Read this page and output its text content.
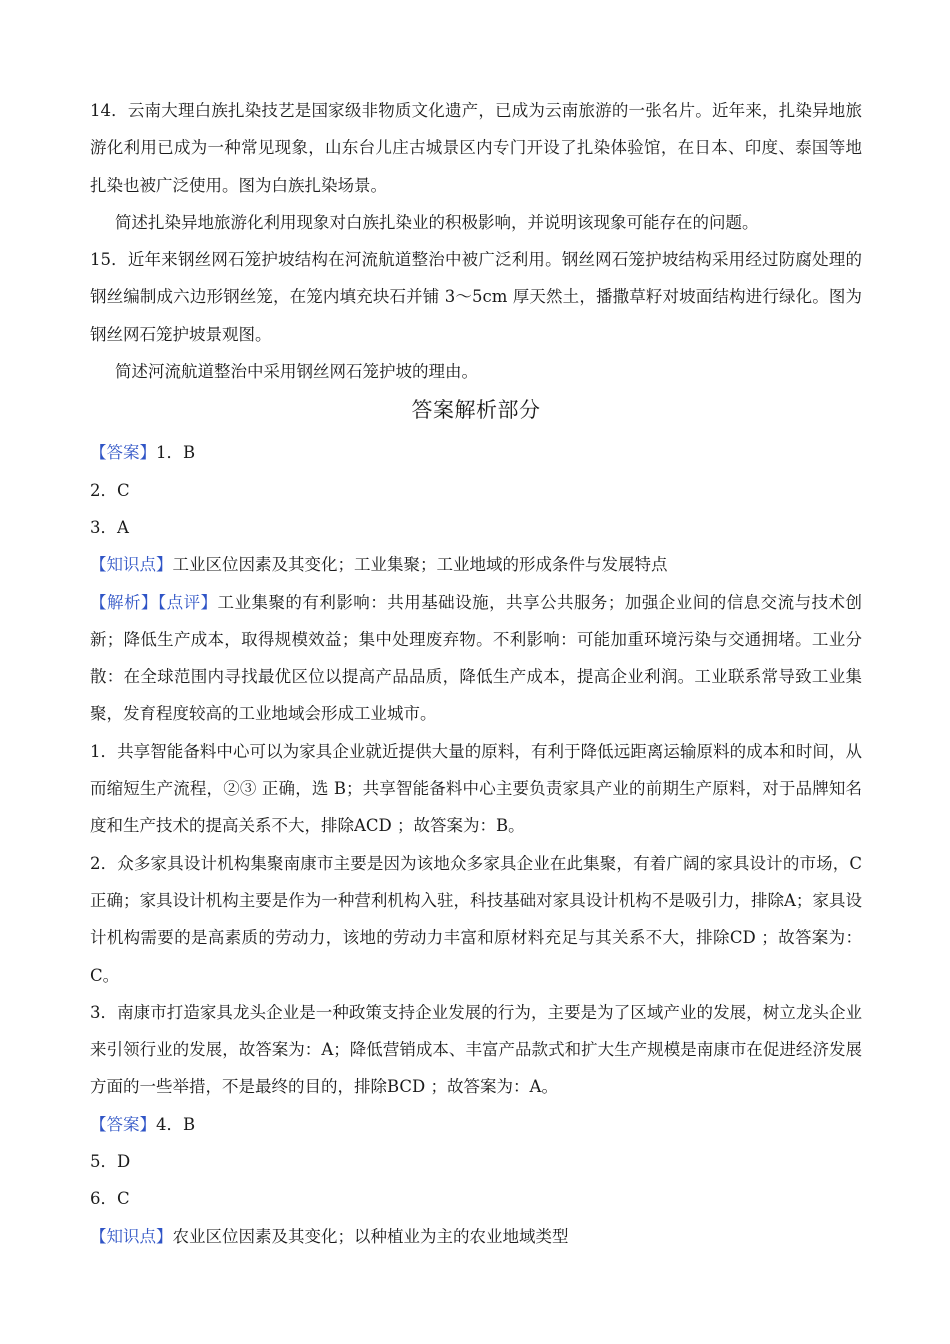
14．云南大理白族扎染技艺是国家级非物质文化遗产，已成为云南旅游的一张名片。近年来，扎染异地旅游化利用已成为一种常见现象，山东台儿庄古城景区内专门开设了扎染体验馆，在日本、印度、泰国等地扎染也被广泛使用。图为白族扎染场景。

简述扎染异地旅游化利用现象对白族扎染业的积极影响，并说明该现象可能存在的问题。

15．近年来钢丝网石笼护坡结构在河流航道整治中被广泛利用。钢丝网石笼护坡结构采用经过防腐处理的钢丝编制成六边形钢丝笼，在笼内填充块石并铺 3～5cm 厚天然土，播撒草籽对坡面结构进行绿化。图为钢丝网石笼护坡景观图。

简述河流航道整治中采用钢丝网石笼护坡的理由。

答案解析部分

【答案】1．B

2．C

3．A

【知识点】工业区位因素及其变化；工业集聚；工业地域的形成条件与发展特点

【解析】【点评】工业集聚的有利影响：共用基础设施，共享公共服务；加强企业间的信息交流与技术创新；降低生产成本，取得规模效益；集中处理废弃物。不利影响：可能加重环境污染与交通拥堵。工业分散：在全球范围内寻找最优区位以提高产品品质，降低生产成本，提高企业利润。工业联系常导致工业集聚，发育程度较高的工业地域会形成工业城市。

1．共享智能备料中心可以为家具企业就近提供大量的原料，有利于降低远距离运输原料的成本和时间，从而缩短生产流程，②③ 正确，选 B；共享智能备料中心主要负责家具产业的前期生产原料，对于品牌知名度和生产技术的提高关系不大，排除ACD ；故答案为：B。

2．众多家具设计机构集聚南康市主要是因为该地众多家具企业在此集聚，有着广阔的家具设计的市场，C 正确；家具设计机构主要是作为一种营利机构入驻，科技基础对家具设计机构不是吸引力，排除A；家具设计机构需要的是高素质的劳动力，该地的劳动力丰富和原材料充足与其关系不大，排除CD ；故答案为：C。

3．南康市打造家具龙头企业是一种政策支持企业发展的行为，主要是为了区域产业的发展，树立龙头企业来引领行业的发展，故答案为：A；降低营销成本、丰富产品款式和扩大生产规模是南康市在促进经济发展方面的一些举措，不是最终的目的，排除BCD ；故答案为：A。

【答案】4．B

5．D

6．C

【知识点】农业区位因素及其变化；以种植业为主的农业地域类型
